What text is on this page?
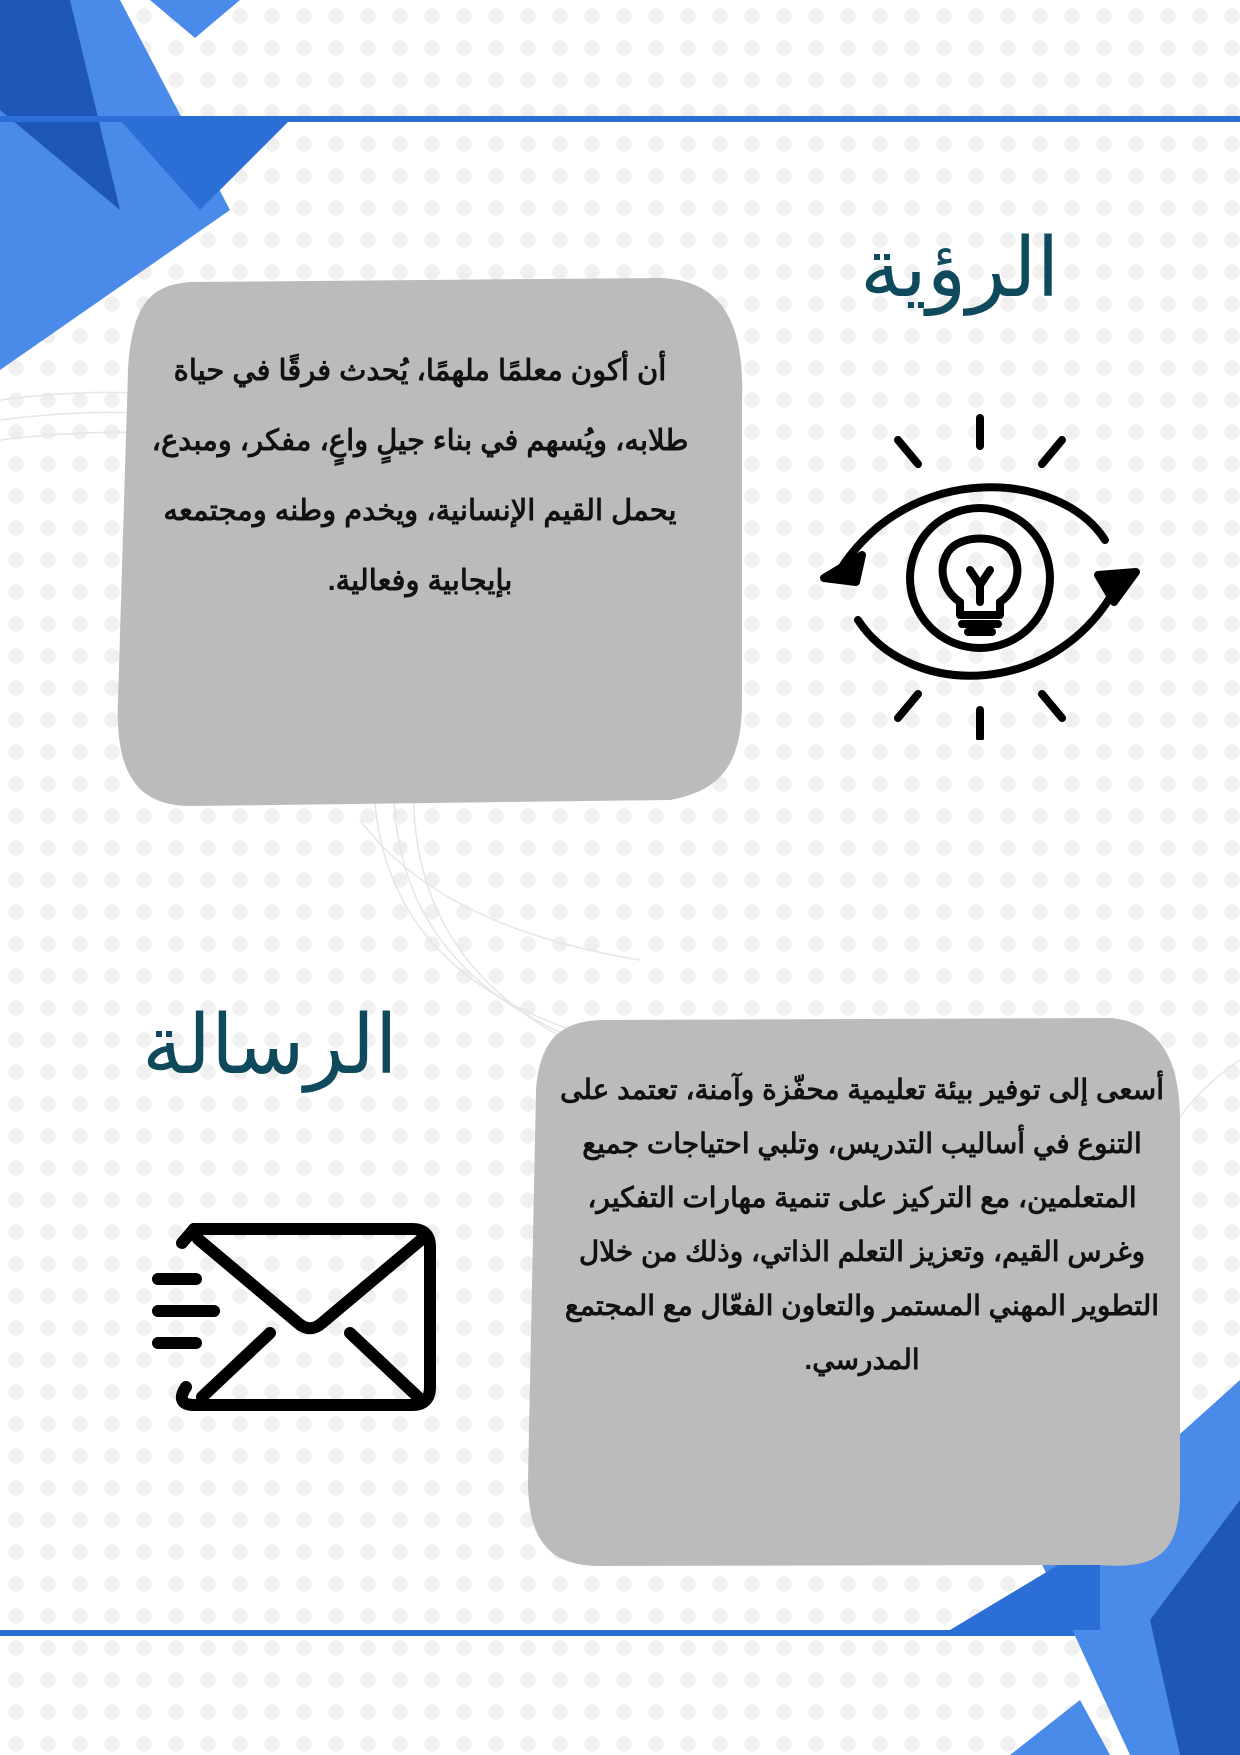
الرؤية

أن أكون معلمًا ملهمًا، يُحدث فرقًا في حياة طلابه، ويُسهم في بناء جيلٍ واعٍ، مفكر، ومبدع، يحمل القيم الإنسانية، ويخدم وطنه ومجتمعه بإيجابية وفعالية.

الرسالة	أسعى إلى توفير بيئة تعليمية محفّزة وآمنة، تعتمد على التنوع في أساليب التدريس، وتلبي احتياجات جميع المتعلمين، مع التركيز على تنمية مهارات التفكير، وغرس القيم، وتعزيز التعلم الذاتي، وذلك من خلال التطوير المهني المستمر والتعاون الفعّال مع المجتمع المدرسي.
